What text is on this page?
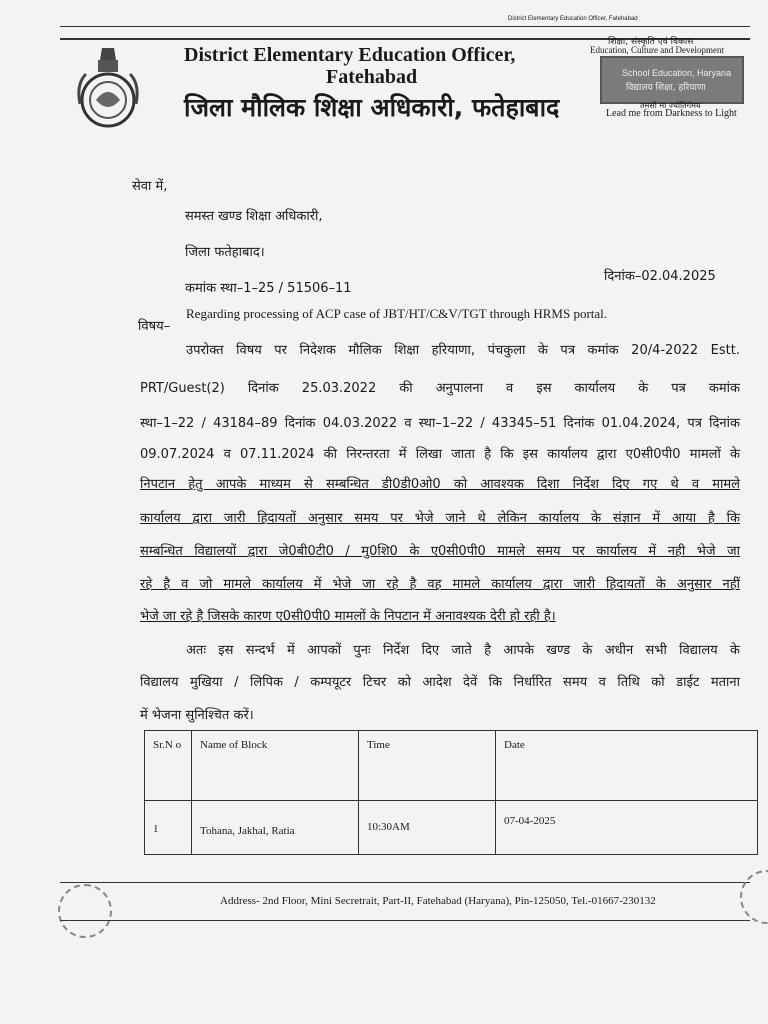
District Elementary Education Officer, Fatehabad
District Elementary Education Officer,
Fatehabad
जिला मौलिक शिक्षा अधिकारी, फतेहाबाद
शिक्षा, संस्कृति एवं विकास
Education, Culture and Development
School Education, Haryana
विद्यालय शिक्षा, हरियाणा
तमसो मा ज्योतिर्गमय
Lead me from Darkness to Light
सेवा में,
समस्त खण्ड शिक्षा अधिकारी,
जिला फतेहाबाद।
कमांक स्था–1–25 / 51506–11
दिनांक–02.04.2025
विषय–
Regarding processing of ACP case of JBT/HT/C&V/TGT through HRMS portal.
उपरोक्त विषय पर निदेशक मौलिक शिक्षा हरियाणा, पंचकुला के पत्र कमांक 20/4-2022 Estt.
PRT/Guest(2) दिनांक 25.03.2022 की अनुपालना व इस कार्यालय के पत्र कमांक
स्था–1–22 / 43184–89 दिनांक 04.03.2022 व स्था–1–22 / 43345–51 दिनांक 01.04.2024, पत्र दिनांक
09.07.2024 व 07.11.2024 की निरन्तरता में लिखा जाता है कि इस कार्यालय द्वारा ए0सी0पी0 मामलों के
निपटान हेतु आपके माध्यम से सम्बन्धित डी0डी0ओ0 को आवश्यक दिशा निर्देश दिए गए थे व मामले
कार्यालय द्वारा जारी हिदायतों अनुसार समय पर भेजे जाने थे लेकिन कार्यालय के संज्ञान में आया है कि
सम्बन्धित विद्यालयों द्वारा जे0बी0टी0 / मु0शि0 के ए0सी0पी0 मामले समय पर कार्यालय में नही भेजे जा
रहे है व जो मामले कार्यालय में भेजे जा रहे है वह मामले कार्यालय द्वारा जारी हिदायतों के अनुसार नहीं
भेजे जा रहे है जिसके कारण ए0सी0पी0 मामलों के निपटान में अनावश्यक देरी हो रही है।
अतः इस सन्दर्भ में आपकों पुनः निर्देश दिए जाते है आपके खण्ड के अधीन सभी विद्यालय के
विद्यालय मुखिया / लिपिक / कम्पयूटर टिचर को आदेश देवें कि निर्धारित समय व तिथि को डाईट मताना
में भेजना सुनिश्चित करें।
Sr.N o	Name of Block	Time	Date
1	Tohana, Jakhal, Ratia	10:30AM	07-04-2025
Address- 2nd Floor, Mini Secretrait, Part-II, Fatehabad (Haryana), Pin-125050, Tel.-01667-230132
